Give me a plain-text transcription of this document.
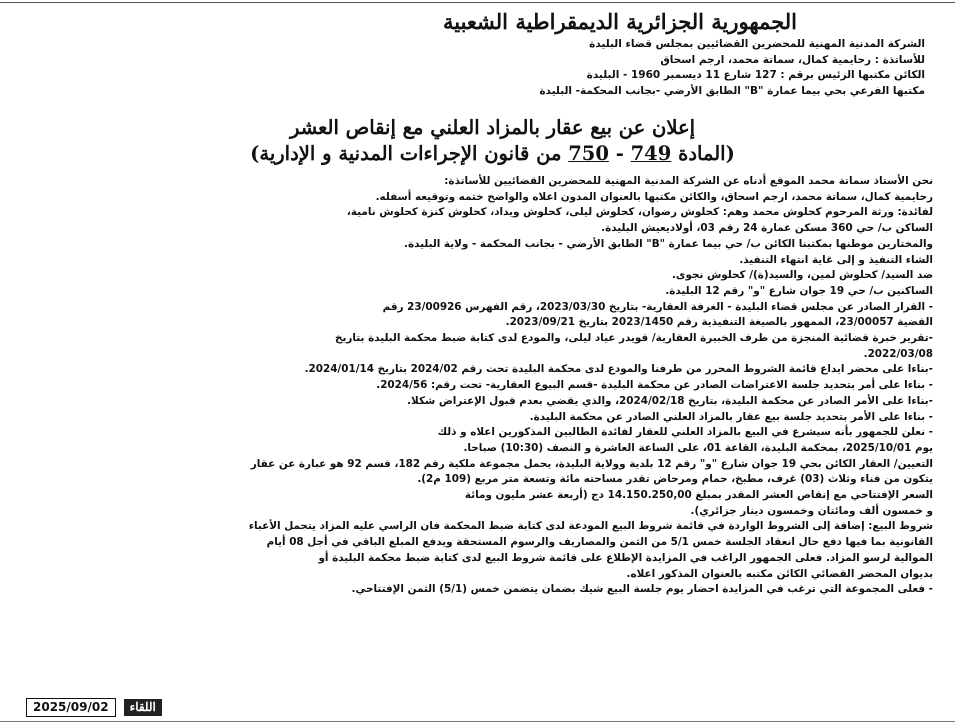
الجمهورية الجزائرية الديمقراطية الشعبية
الشركة المدنية المهنية للمحضرين القضائيين بمجلس قضاء البليدة
للأساتذة : رحايمية كمال، سماتة محمد، ارجم اسحاق
الكائن مكتبها الرئيس برقم : 127 شارع 11 ديسمبر 1960 - البليدة
مكتبها الفرعي بحي بيما عمارة "B" الطابق الأرضي -بجانب المحكمة- البليدة
إعلان عن بيع عقار بالمزاد العلني مع إنقاص العشر
(المادة 749 - 750 من قانون الإجراءات المدنية و الإدارية)

نحن الأستاذ سماتة محمد الموقع أدناه عن الشركة المدنية المهنية للمحضرين القضائيين للأساتذة:

رحايمية كمال، سماتة محمد، ارجم اسحاق، والكائن مكتبها بالعنوان المدون اعلاه والواضح ختمه وتوقيعه أسفله.

لفائدة: ورثة المرحوم كحلوش محمد وهم: كحلوش رضوان، كحلوش ليلى، كحلوش ويداد، كحلوش كنزة كحلوش نامية،

الساكن ب/ حي 360 مسكن عمارة 24 رقم 03، أولاديعيش البليدة.

والمختارين موطنها بمكتبنا الكائن ب/ حي بيما عمارة "B" الطابق الأرضي - بجانب المحكمة - ولاية البليدة.

الشاء التنفيذ و إلى غاية انتهاء التنفيذ.

ضد السيد/ كحلوش لمين، والسيد(ة)/ كحلوش نجوى.

الساكنين ب/ حي 19 جوان شارع "و" رقم 12 البليدة.

- القرار الصادر عن مجلس قضاء البليدة - الغرفة العقارية- بتاريخ 2023/03/30، رقم الفهرس 23/00926 رقم

القضية 23/00057، الممهور بالصيغة التنفيذية رقم 2023/1450 بتاريخ 2023/09/21.

-تقرير خبرة قضائية المنجزة من طرف الخبيرة العقارية/ قويدر عياد ليلى، والمودع لدى كتابة ضبط محكمة البليدة بتاريخ

2022/03/08.

-بناءا على محضر ايداع قائمة الشروط المحرر من طرفنا والمودع لدى محكمة البليدة تحت رقم 2024/02 بتاريخ 2024/01/14.

- بناءا على أمر بتحديد جلسة الاعتراضات الصادر عن محكمة البليدة -قسم البيوع العقارية- تحت رقم: 2024/56.

-بناءا على الأمر الصادر عن محكمة البليدة، بتاريخ 2024/02/18، والذي يقضي بعدم قبول الإعتراض شكلا.

- بناءا على الأمر بتحديد جلسة بيع عقار بالمزاد العلني الصادر عن محكمة البليدة.

- نعلن للجمهور بأنه سيشرع في البيع بالمزاد العلني للعقار لفائدة الطالبين المذكورين اعلاه و ذلك

يوم 2025/10/01، بمحكمة البليدة، القاعة 01، على الساعة العاشرة و النصف (10:30) صباحا.

التعيين/ العقار الكائن بحي 19 جوان شارع "و" رقم 12 بلدية وولاية البليدة، يحمل مجموعة ملكية رقم 182، قسم 92 هو عبارة عن عقار

يتكون من فناء وثلاث (03) غرف، مطبخ، حمام ومرحاض تقدر مساحته مائة وتسعة متر مربع (109 م2).

السعر الإفتتاحي مع إنقاص العشر المقدر بمبلغ 14.150.250,00 دج (أربعة عشر مليون ومائة

و خمسون ألف ومائتان وخمسون دينار جزائري).

شروط البيع: إضافة إلى الشروط الواردة في قائمة شروط البيع المودعة لدى كتابة ضبط المحكمة فان الراسي عليه المزاد يتحمل الأعباء

القانونية بما فيها دفع حال انعقاد الجلسة خمس 5/1 من الثمن والمصاريف والرسوم المستحقة ويدفع المبلغ الباقي في أجل 08 أيام

الموالية لرسو المزاد. فعلى الجمهور الراغب في المزايدة الإطلاع على قائمة شروط البيع لدى كتابة ضبط محكمة البليدة أو

بديوان المحضر القضائي الكائن مكتبه بالعنوان المذكور اعلاه.

- فعلى المجموعة التي ترغب في المزايدة احضار يوم جلسة البيع شيك بضمان يتضمن خمس (5/1) الثمن الإفتتاحي.

2025/09/02	اللقاء
